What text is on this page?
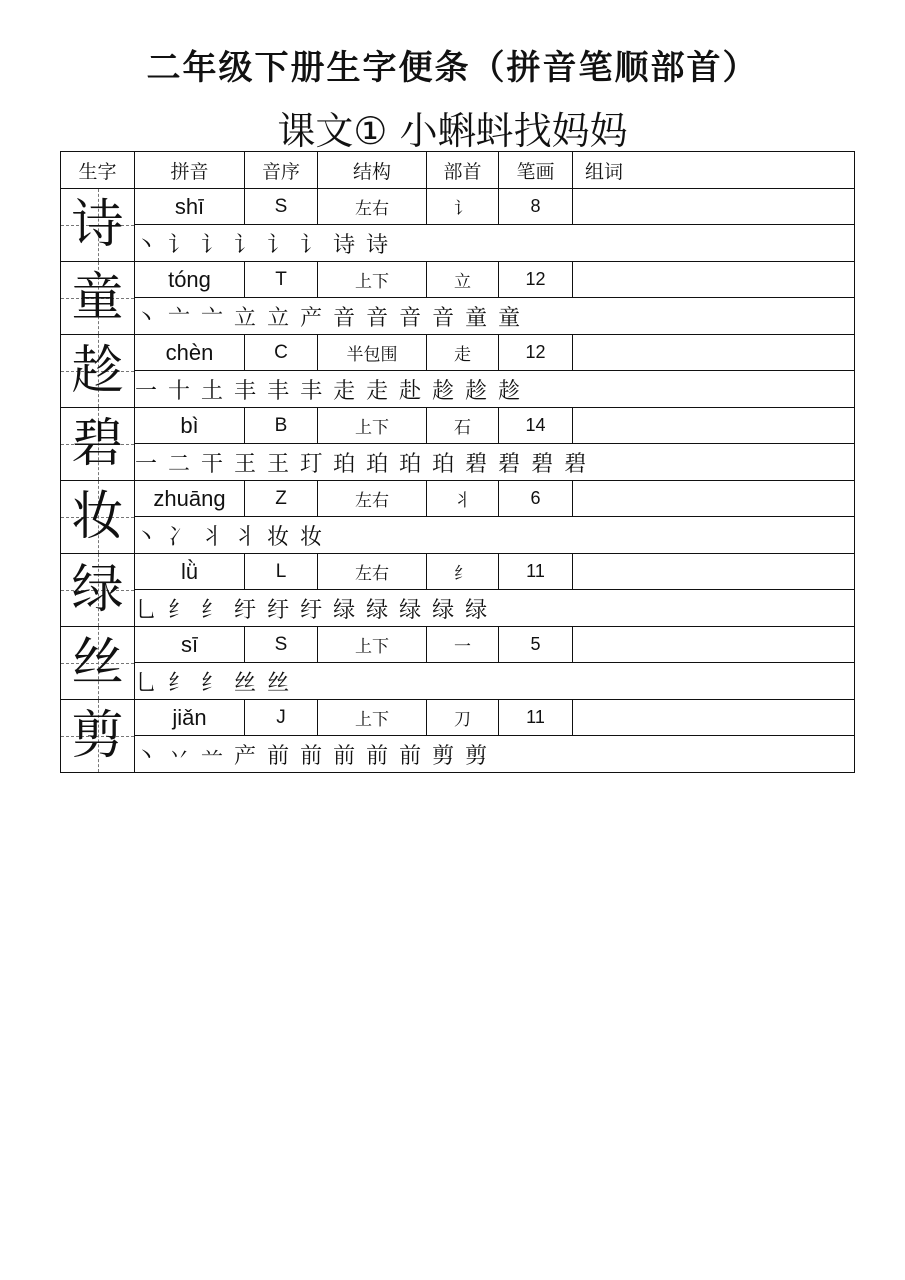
二年级下册生字便条（拼音笔顺部首）
课文① 小蝌蚪找妈妈
生字	拼音	音序	结构	部首	笔画	组词

诗	shī	S	左右	讠	8	
	丶 讠 讠 讠 讠 讠 诗 诗					

童	tóng	T	上下	立	12	
	丶 亠 亠 立 立 产 音 音 音 音 童 童					

趁	chèn	C	半包围	走	12	
	一 十 土 丰 丰 丰 走 走 赴 趁 趁 趁					

碧	bì	B	上下	石	14	
	一 二 干 王 王 玎 珀 珀 珀 珀 碧 碧 碧 碧					

妆	zhuāng	Z	左右	丬	6	
	丶 冫 丬 丬 妆 妆					

绿	lǜ	L	左右	纟	11	
	乚 纟 纟 纡 纡 纡 绿 绿 绿 绿 绿					

丝	sī	S	上下	一	5	
	乚 纟 纟 丝 丝					

剪	jiǎn	J	上下	刀	11	
	丶 丷 䒑 产 前 前 前 前 前 剪 剪					
